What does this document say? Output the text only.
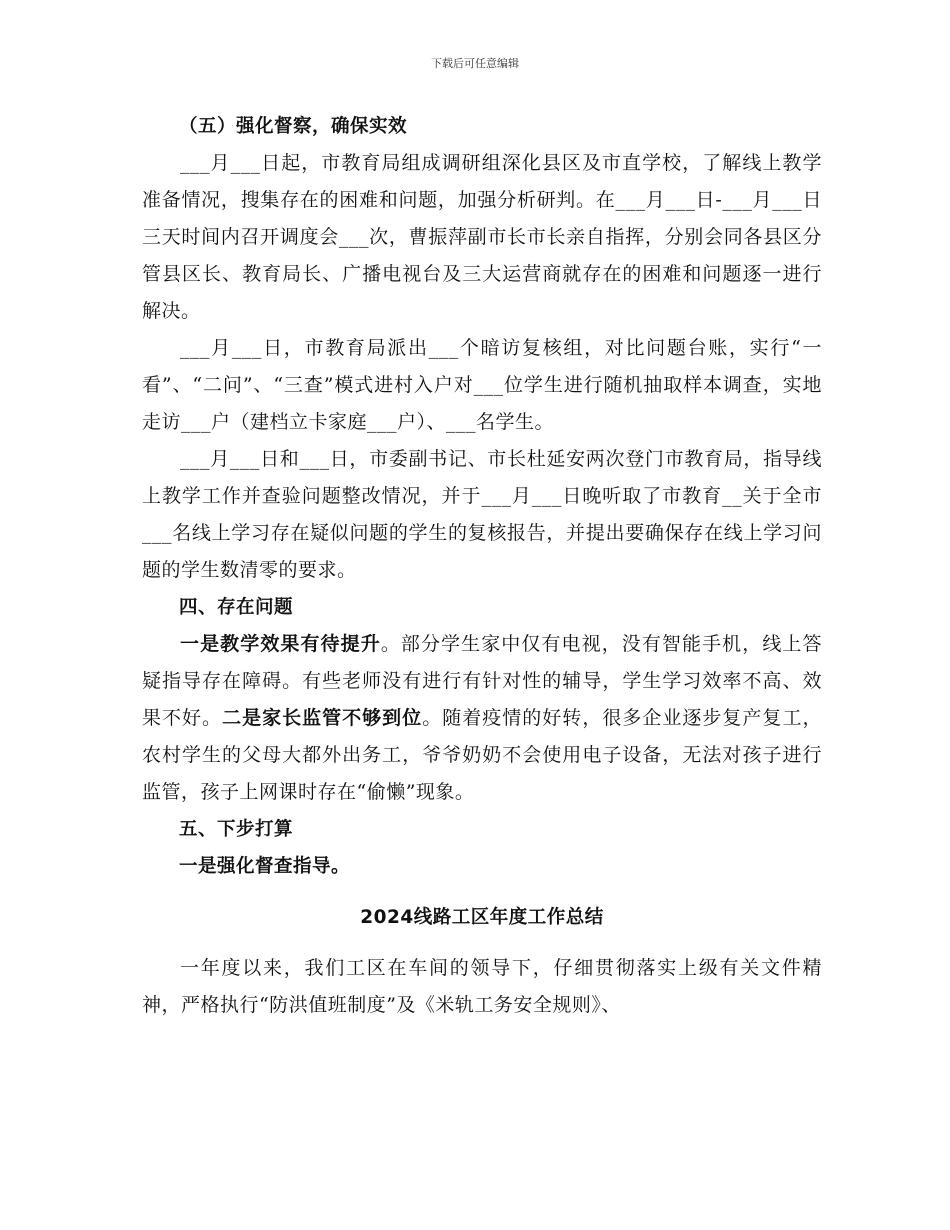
下载后可任意编辑

（五）强化督察，确保实效

___月___日起，市教育局组成调研组深化县区及市直学校，了解线上教学准备情况，搜集存在的困难和问题，加强分析研判。在___月___日-___月___日三天时间内召开调度会___次，曹振萍副市长市长亲自指挥，分别会同各县区分管县区长、教育局长、广播电视台及三大运营商就存在的困难和问题逐一进行解决。

___月___日，市教育局派出___个暗访复核组，对比问题台账，实行“一看”、“二问”、“三查”模式进村入户对___位学生进行随机抽取样本调查，实地走访___户（建档立卡家庭___户）、___名学生。

___月___日和___日，市委副书记、市长杜延安两次登门市教育局，指导线上教学工作并查验问题整改情况，并于___月___日晚听取了市教育__关于全市___名线上学习存在疑似问题的学生的复核报告，并提出要确保存在线上学习问题的学生数清零的要求。

四、存在问题

一是教学效果有待提升。部分学生家中仅有电视，没有智能手机，线上答疑指导存在障碍。有些老师没有进行有针对性的辅导，学生学习效率不高、效果不好。二是家长监管不够到位。随着疫情的好转，很多企业逐步复产复工，农村学生的父母大都外出务工，爷爷奶奶不会使用电子设备，无法对孩子进行监管，孩子上网课时存在“偷懒”现象。

五、下步打算

一是强化督查指导。

2024线路工区年度工作总结

一年度以来，我们工区在车间的领导下，仔细贯彻落实上级有关文件精神，严格执行“防洪值班制度”及《米轨工务安全规则》、
